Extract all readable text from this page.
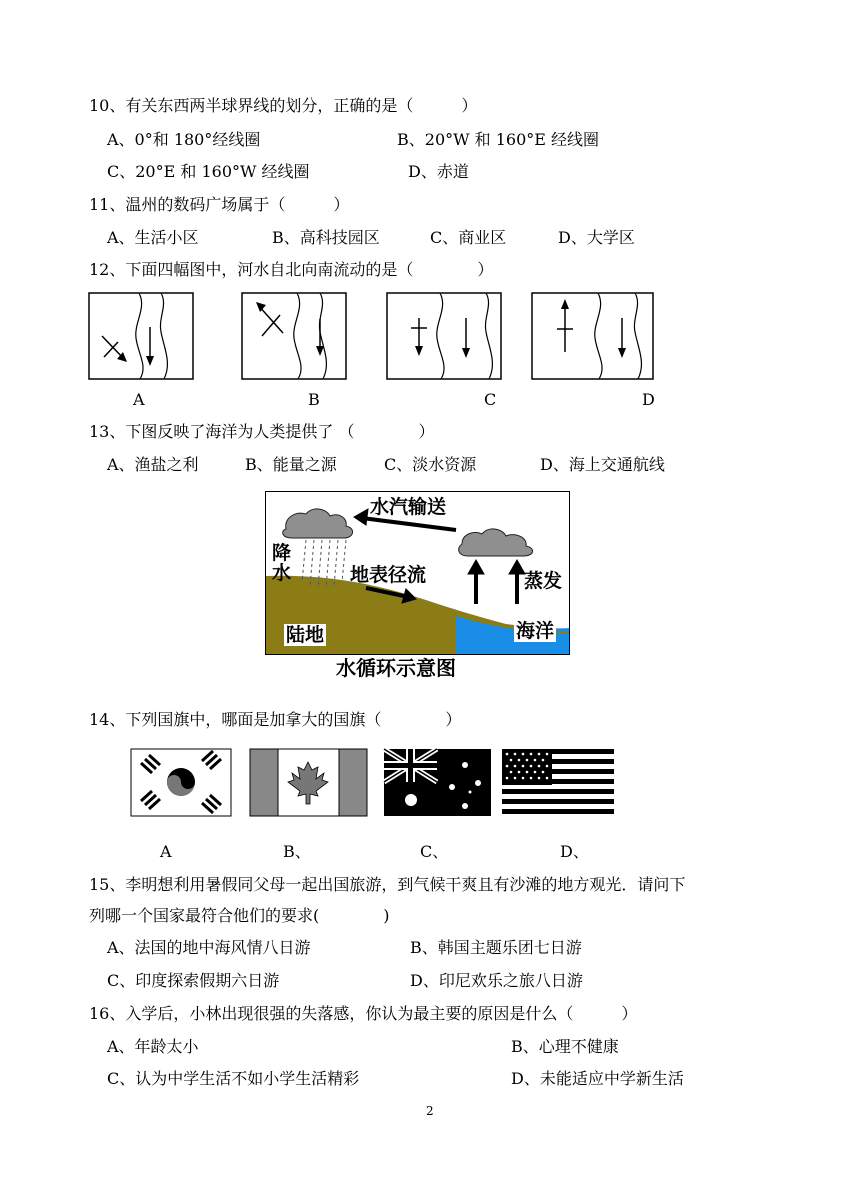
10、有关东西两半球界线的划分，正确的是（　　　）
A、0°和 180°经线圈	B、20°W 和 160°E 经线圈
C、20°E 和 160°W 经线圈	D、赤道
11、温州的数码广场属于（　　　）
A、生活小区	B、高科技园区	C、商业区	D、大学区
12、下面四幅图中，河水自北向南流动的是（　　　　）
A	B	C	D
13、下图反映了海洋为人类提供了 （　　　　）
A、渔盐之利	B、能量之源	C、淡水资源	D、海上交通航线
水汽输送
降
水	地表径流	蒸发
陆地	海洋
水循环示意图
14、下列国旗中，哪面是加拿大的国旗（　　　　）
A	B、	C、	D、
15、李明想利用暑假同父母一起出国旅游，到气候干爽且有沙滩的地方观光．请问下
列哪一个国家最符合他们的要求(　　　　)
A、法国的地中海风情八日游	B、韩国主题乐团七日游
C、印度探索假期六日游	D、印尼欢乐之旅八日游
16、入学后，小林出现很强的失落感，你认为最主要的原因是什么（　　　）
A、年龄太小	B、心理不健康
C、认为中学生活不如小学生活精彩	D、未能适应中学新生活
2
